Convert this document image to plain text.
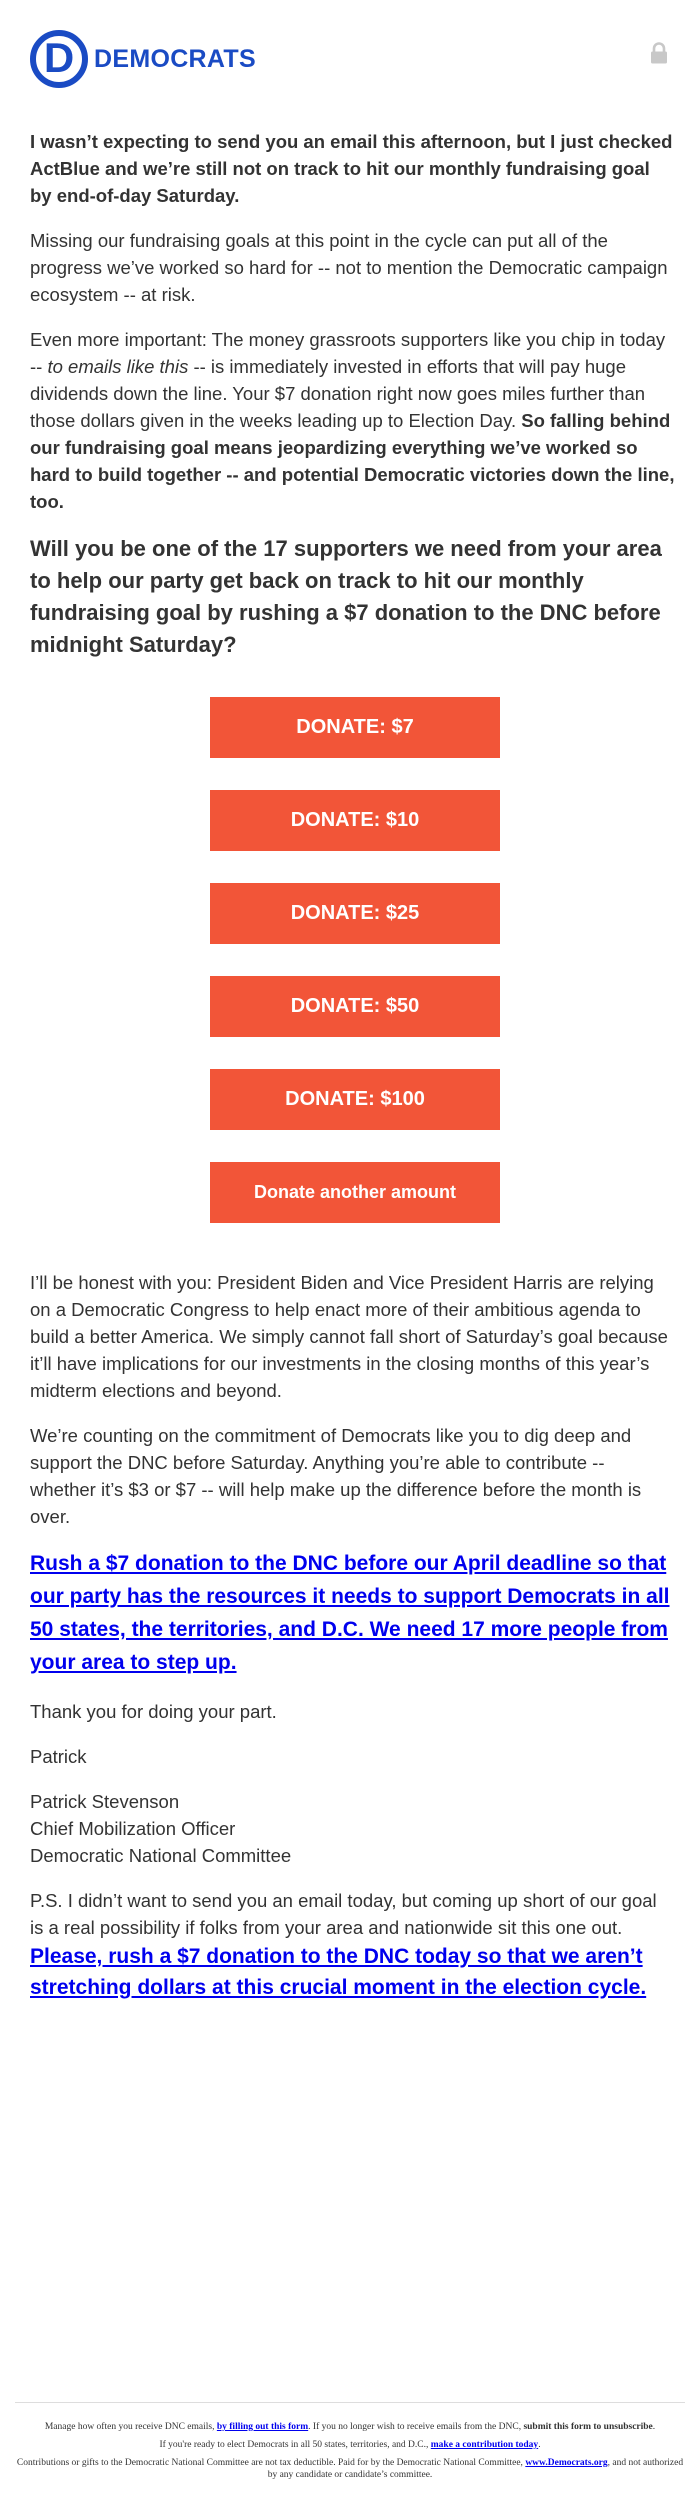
D DEMOCRATS

I wasn’t expecting to send you an email this afternoon, but I just checked ActBlue and we’re still not on track to hit our monthly fundraising goal by end-of-day Saturday.

Missing our fundraising goals at this point in the cycle can put all of the progress we’ve worked so hard for -- not to mention the Democratic campaign ecosystem -- at risk.

Even more important: The money grassroots supporters like you chip in today -- to emails like this -- is immediately invested in efforts that will pay huge dividends down the line. Your $7 donation right now goes miles further than those dollars given in the weeks leading up to Election Day. So falling behind our fundraising goal means jeopardizing everything we’ve worked so hard to build together -- and potential Democratic victories down the line, too.

Will you be one of the 17 supporters we need from your area to help our party get back on track to hit our monthly fundraising goal by rushing a $7 donation to the DNC before midnight Saturday?
DONATE: $7
DONATE: $10
DONATE: $25
DONATE: $50
DONATE: $100
Donate another amount

I’ll be honest with you: President Biden and Vice President Harris are relying on a Democratic Congress to help enact more of their ambitious agenda to build a better America. We simply cannot fall short of Saturday’s goal because it’ll have implications for our investments in the closing months of this year’s midterm elections and beyond.

We’re counting on the commitment of Democrats like you to dig deep and support the DNC before Saturday. Anything you’re able to contribute -- whether it’s $3 or $7 -- will help make up the difference before the month is over.

Rush a $7 donation to the DNC before our April deadline so that our party has the resources it needs to support Democrats in all 50 states, the territories, and D.C. We need 17 more people from your area to step up.

Thank you for doing your part.

Patrick

Patrick Stevenson
Chief Mobilization Officer
Democratic National Committee

P.S. I didn’t want to send you an email today, but coming up short of our goal is a real possibility if folks from your area and nationwide sit this one out. Please, rush a $7 donation to the DNC today so that we aren’t stretching dollars at this crucial moment in the election cycle.

Manage how often you receive DNC emails, by filling out this form. If you no longer wish to receive emails from the DNC, submit this form to unsubscribe.

If you're ready to elect Democrats in all 50 states, territories, and D.C., make a contribution today.

Contributions or gifts to the Democratic National Committee are not tax deductible. Paid for by the Democratic National Committee, www.Democrats.org, and not authorized by any candidate or candidate’s committee.
